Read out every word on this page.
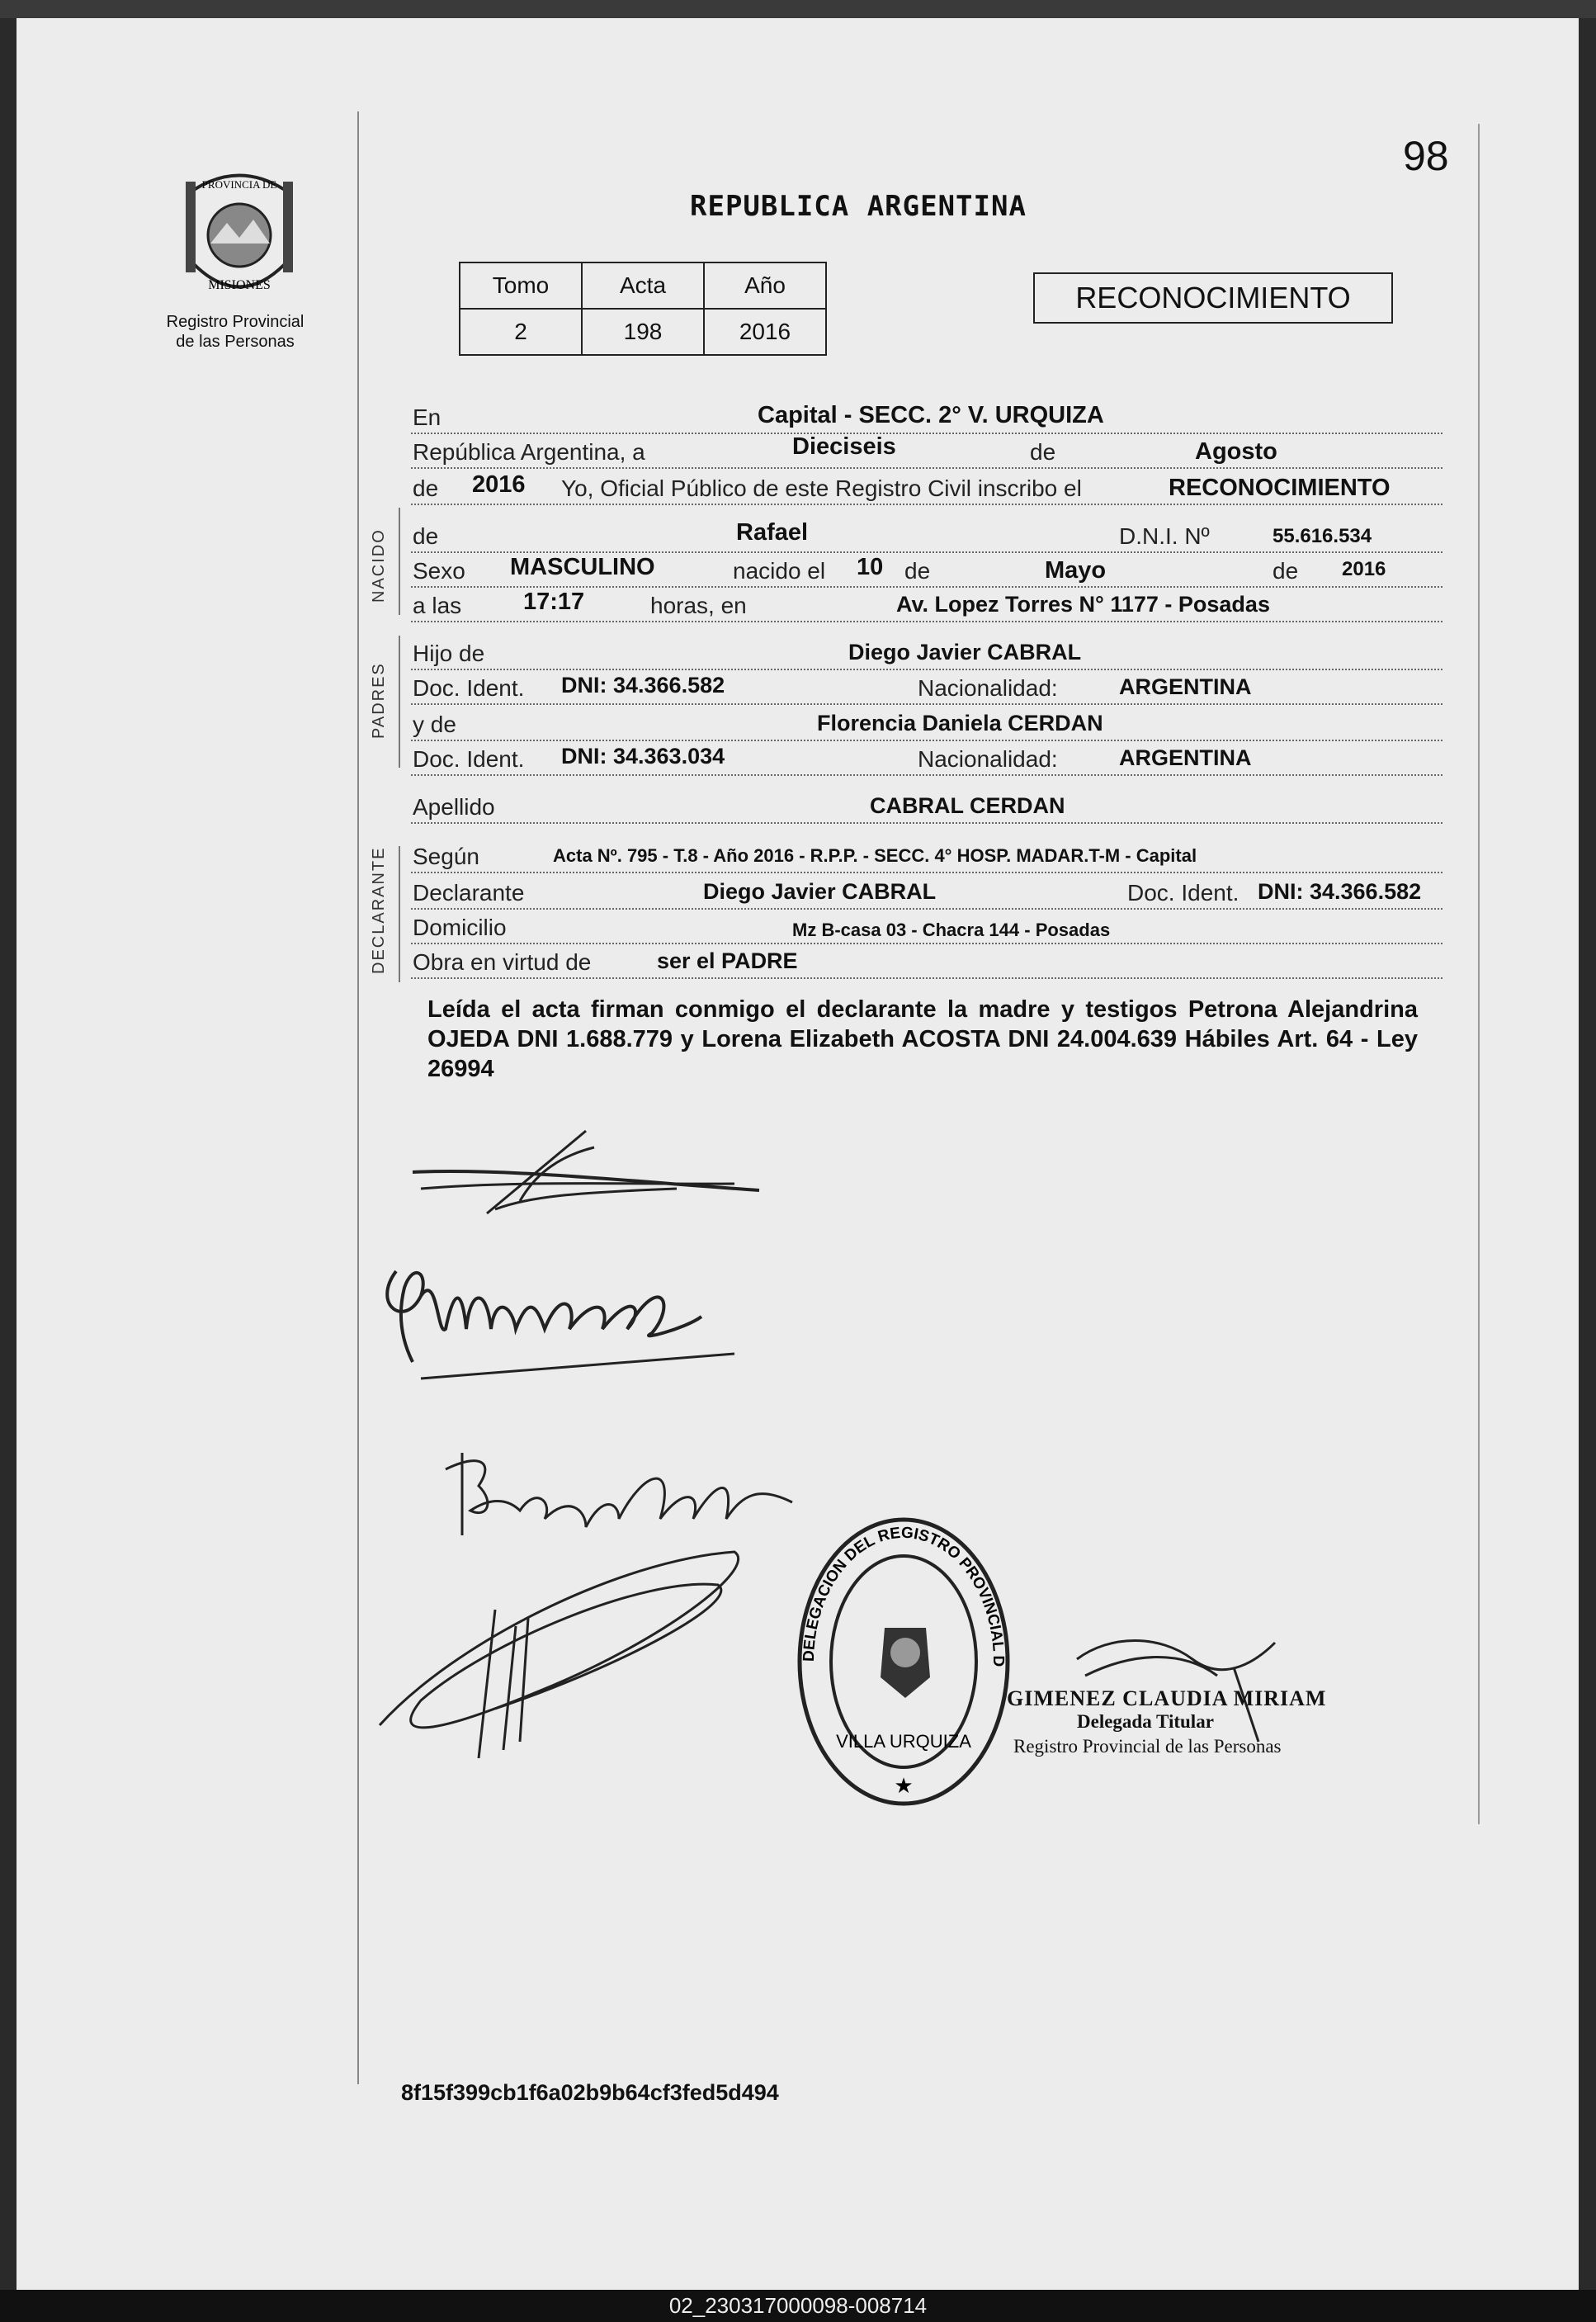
PROVINCIA DE
MISIONES
Registro Provincial
de las Personas
98
REPUBLICA ARGENTINA
Tomo	Acta	Año
2	198	2016
RECONOCIMIENTO
En	Capital - SECC. 2° V. URQUIZA
República Argentina, a	Dieciseis	de	Agosto
de 2016 Yo, Oficial Público de este Registro Civil inscribo el	RECONOCIMIENTO
NACIDO de	Rafael	D.N.I. Nº	55.616.534
Sexo MASCULINO	nacido el 10 de	Mayo	de 2016
a las	17:17	horas, en	Av. Lopez Torres N° 1177 - Posadas
PADRES
Hijo de	Diego Javier CABRAL
Doc. Ident. DNI: 34.366.582	Nacionalidad:	ARGENTINA
y de	Florencia Daniela CERDAN
Doc. Ident. DNI: 34.363.034	Nacionalidad:	ARGENTINA
Apellido	CABRAL CERDAN
DECLARANTE Según	Acta Nº. 795 - T.8 - Año 2016 - R.P.P. - SECC. 4° HOSP. MADAR.T-M - Capital
Declarante	Diego Javier CABRAL	Doc. Ident. DNI: 34.366.582
Domicilio	Mz B-casa 03 - Chacra 144 - Posadas
Obra en virtud de	ser el PADRE
Leída el acta firman conmigo el declarante la madre y testigos Petrona Alejandrina OJEDA DNI 1.688.779 y Lorena Elizabeth ACOSTA DNI 24.004.639 Hábiles Art. 64 - Ley 26994
★
DELEGACION DEL REGISTRO PROVINCIAL D
VILLA URQUIZA
GIMENEZ CLAUDIA MIRIAM
Delegada Titular
Registro Provincial de las Personas
8f15f399cb1f6a02b9b64cf3fed5d494
02_230317000098-008714
